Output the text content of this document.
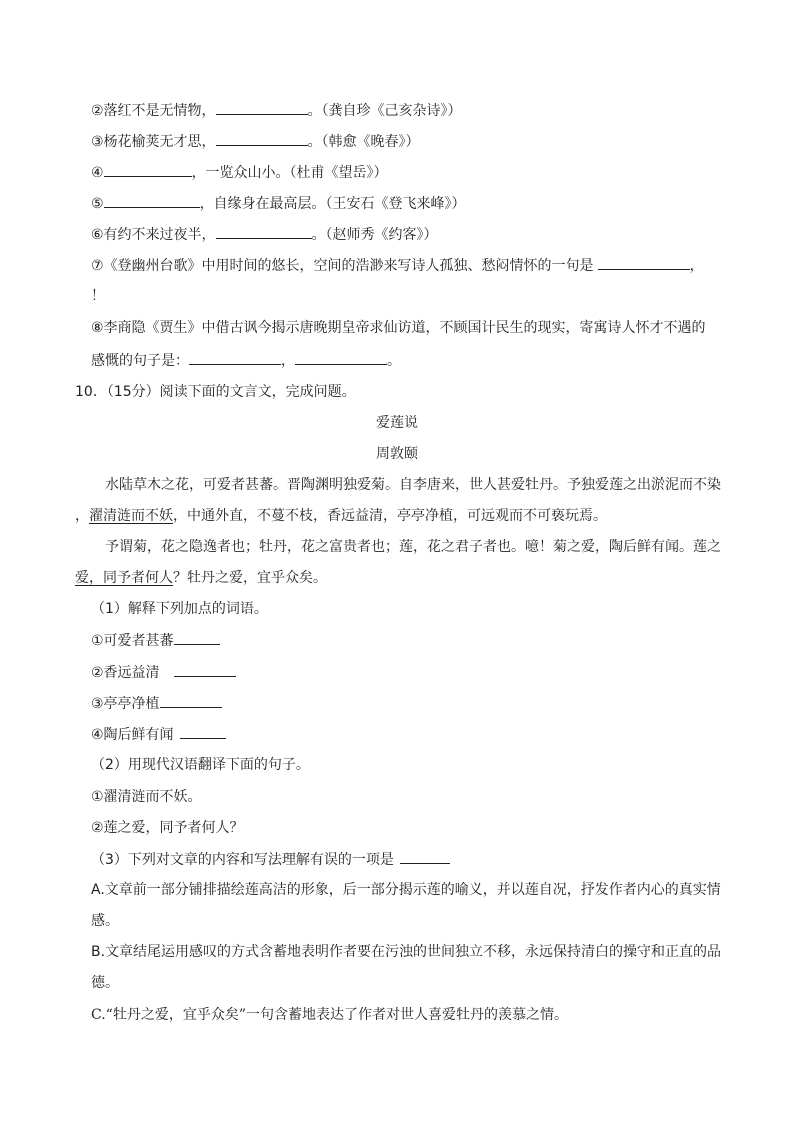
②落红不是无情物，	。（龚自珍《己亥杂诗》）
③杨花榆荚无才思，	。（韩愈《晚春》）
④	，一览众山小。（杜甫《望岳》）
⑤	，自缘身在最高层。（王安石《登飞来峰》）
⑥有约不来过夜半，	。（赵师秀《约客》）
⑦《登幽州台歌》中用时间的悠长，空间的浩渺来写诗人孤独、愁闷情怀的一句是	，
！
⑧李商隐《贾生》中借古讽今揭示唐晚期皇帝求仙访道，不顾国计民生的现实，寄寓诗人怀才不遇的
感慨的句子是：	，	。
10．（15分）阅读下面的文言文，完成问题。
爱莲说
周敦颐
水陆草木之花，可爱者甚蕃。晋陶渊明独爱菊。自李唐来，世人甚爱牡丹。予独爱莲之出淤泥而不染
，濯清涟而不妖，中通外直，不蔓不枝，香远益清，亭亭净植，可远观而不可亵玩焉。
予谓菊，花之隐逸者也；牡丹，花之富贵者也；莲，花之君子者也。噫！菊之爱，陶后鲜有闻。莲之
爱，同予者何人？牡丹之爱，宜乎众矣。
（1）解释下列加点的词语。
①可爱者甚蕃
②香远益清
③亭亭净植
④陶后鲜有闻
（2）用现代汉语翻译下面的句子。
①濯清涟而不妖。
②莲之爱，同予者何人？
（3）下列对文章的内容和写法理解有误的一项是
A.文章前一部分铺排描绘莲高洁的形象，后一部分揭示莲的喻义，并以莲自况，抒发作者内心的真实情
感。
B.文章结尾运用感叹的方式含蓄地表明作者要在污浊的世间独立不移，永远保持清白的操守和正直的品
德。
C.“牡丹之爱，宜乎众矣”一句含蓄地表达了作者对世人喜爱牡丹的羡慕之情。
